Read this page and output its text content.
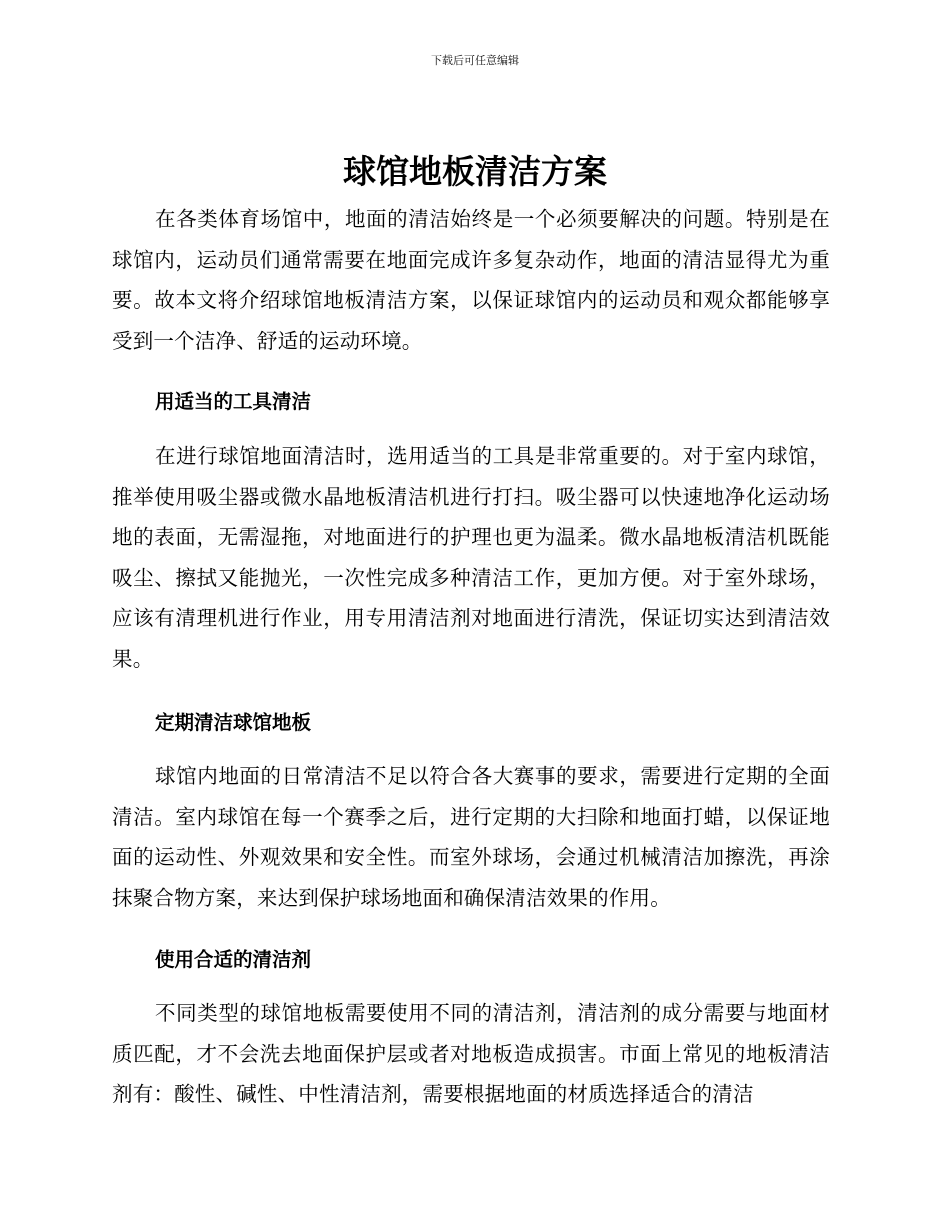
下载后可任意编辑
球馆地板清洁方案

在各类体育场馆中，地面的清洁始终是一个必须要解决的问题。特别是在球馆内，运动员们通常需要在地面完成许多复杂动作，地面的清洁显得尤为重要。故本文将介绍球馆地板清洁方案，以保证球馆内的运动员和观众都能够享受到一个洁净、舒适的运动环境。

用适当的工具清洁

在进行球馆地面清洁时，选用适当的工具是非常重要的。对于室内球馆，推举使用吸尘器或微水晶地板清洁机进行打扫。吸尘器可以快速地净化运动场地的表面，无需湿拖，对地面进行的护理也更为温柔。微水晶地板清洁机既能吸尘、擦拭又能抛光，一次性完成多种清洁工作，更加方便。对于室外球场，应该有清理机进行作业，用专用清洁剂对地面进行清洗，保证切实达到清洁效果。

定期清洁球馆地板

球馆内地面的日常清洁不足以符合各大赛事的要求，需要进行定期的全面清洁。室内球馆在每一个赛季之后，进行定期的大扫除和地面打蜡，以保证地面的运动性、外观效果和安全性。而室外球场，会通过机械清洁加擦洗，再涂抹聚合物方案，来达到保护球场地面和确保清洁效果的作用。

使用合适的清洁剂

不同类型的球馆地板需要使用不同的清洁剂，清洁剂的成分需要与地面材质匹配，才不会洗去地面保护层或者对地板造成损害。市面上常见的地板清洁剂有：酸性、碱性、中性清洁剂，需要根据地面的材质选择适合的清洁
